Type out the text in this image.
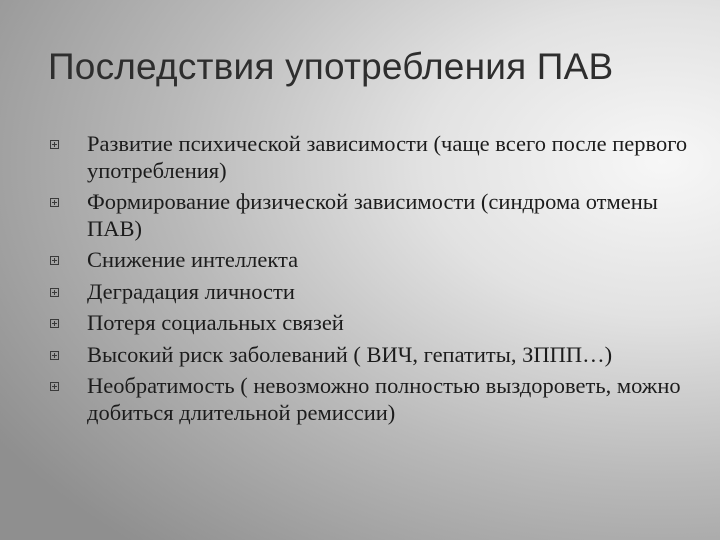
Последствия употребления ПАВ
Развитие психической зависимости (чаще всего после первого употребления)
Формирование физической зависимости (синдрома отмены ПАВ)
Снижение интеллекта
Деградация личности
Потеря социальных связей
Высокий риск заболеваний ( ВИЧ, гепатиты, ЗППП…)
Необратимость ( невозможно полностью выздороветь, можно добиться длительной ремиссии)
